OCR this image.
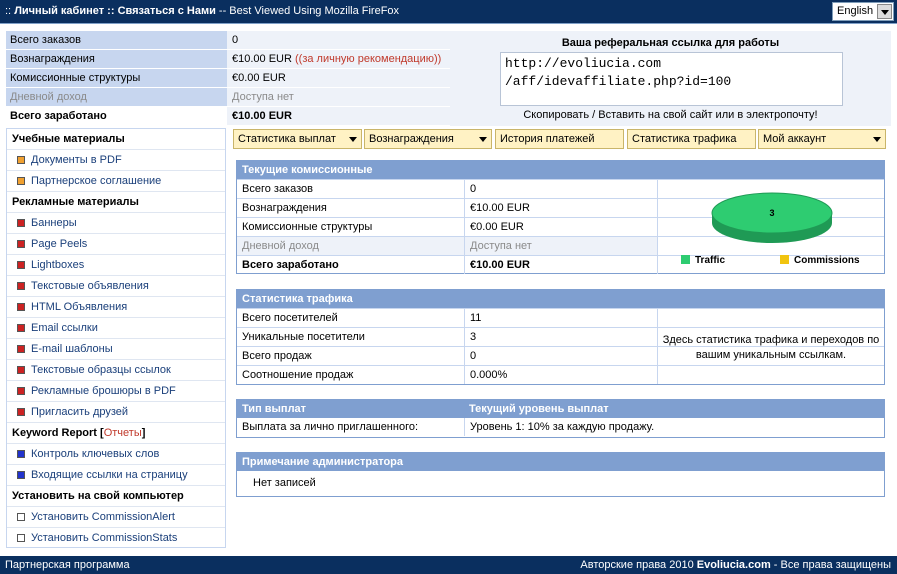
:: Личный кабинет :: Связаться с Нами -- Best Viewed Using Mozilla FireFox	English
Всего заказов	0
Вознаграждения	€10.00 EUR ((за личную рекомендацию))
Комиссионные структуры	€0.00 EUR
Дневной доход	Доступа нет
Всего заработано	€10.00 EUR
Ваша реферальная ссылка для работы
http://evoliucia.com
/aff/idevaffiliate.php?id=100
Скопировать / Вставить на свой сайт или в электропочту!
Учебные материалы
Документы в PDF
Партнерское соглашение
Рекламные материалы
Баннеры
Page Peels
Lightboxes
Текстовые объявления
HTML Объявления
Email ссылки
E-mail шаблоны
Текстовые образцы ссылок
Рекламные брошюры в PDF
Пригласить друзей
Keyword Report [Отчеты]
Контроль ключевых слов
Входящие ссылки на страницу
Установить на свой компьютер
Установить CommissionAlert
Установить CommissionStats
Статистика выплат	Вознаграждения	История платежей	Статистика трафика	Мой аккаунт
Текущие комиссионные
Всего заказов	0
Вознаграждения	€10.00 EUR
Комиссионные структуры	€0.00 EUR
Дневной доход	Доступа нет
Всего заработано	€10.00 EUR
3
Traffic	Commissions
Статистика трафика
Всего посетителей	11
Уникальные посетители	3
Всего продаж	0
Соотношение продаж	0.000%
Здесь статистика трафика и переходов по вашим уникальным ссылкам.
Тип выплат	Текущий уровень выплат
Выплата за лично приглашенного:	Уровень 1: 10% за каждую продажу.
Примечание администратора
Нет записей
Партнерская программа	Авторские права 2010 Evoliucia.com - Все права защищены
